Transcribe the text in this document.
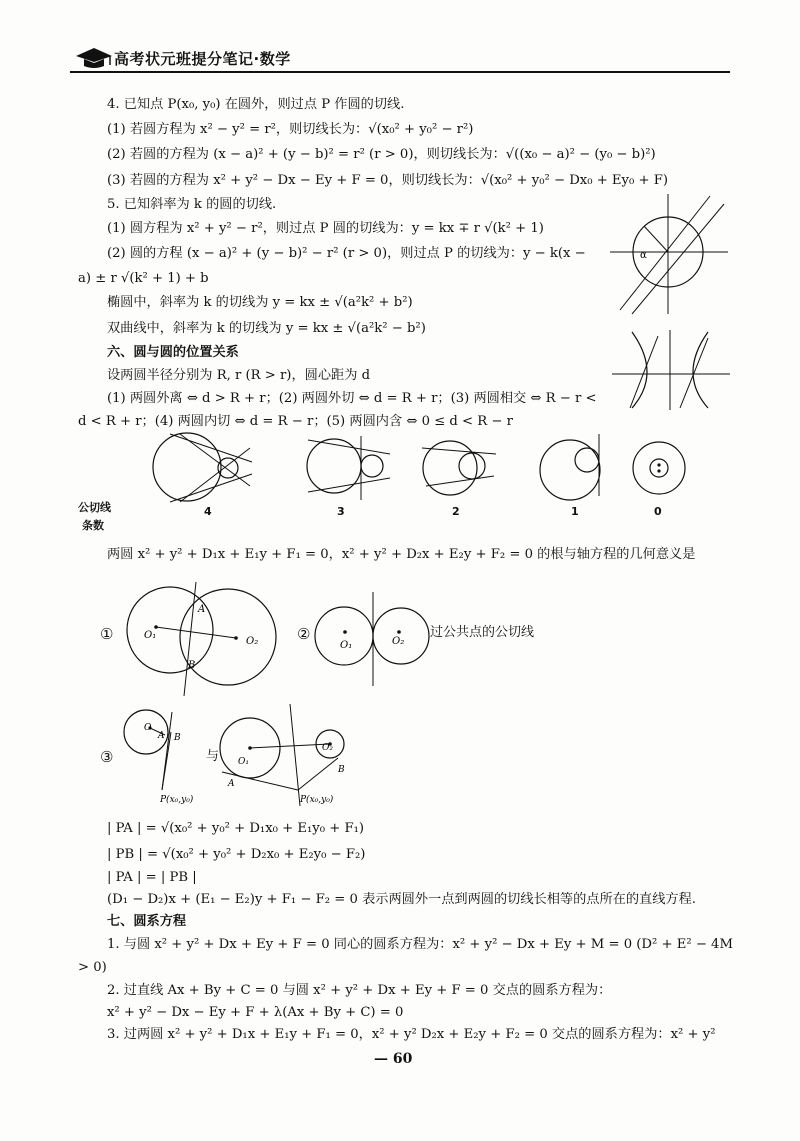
高考状元班提分笔记·数学
4. 已知点 P(x₀, y₀) 在圆外，则过点 P 作圆的切线.
(1) 若圆方程为 x² − y² = r²，则切线长为：√(x₀² + y₀² − r²)
(2) 若圆的方程为 (x − a)² + (y − b)² = r² (r > 0)，则切线长为：√((x₀ − a)² − (y₀ − b)²)
(3) 若圆的方程为 x² + y² − Dx − Ey + F = 0，则切线长为：√(x₀² + y₀² − Dx₀ + Ey₀ + F)
5. 已知斜率为 k 的圆的切线.
(1) 圆方程为 x² + y² − r²，则过点 P 圆的切线为：y = kx ∓ r √(k² + 1)
(2) 圆的方程 (x − a)² + (y − b)² − r² (r > 0)，则过点 P 的切线为：y − k(x −
a) ± r √(k² + 1) + b
椭圆中，斜率为 k 的切线为 y = kx ± √(a²k² + b²)
双曲线中，斜率为 k 的切线为 y = kx ± √(a²k² − b²)
六、圆与圆的位置关系
设两圆半径分别为 R, r (R > r)，圆心距为 d
(1) 两圆外离 ⇔ d > R + r；(2) 两圆外切 ⇔ d = R + r；(3) 两圆相交 ⇔ R − r <
d < R + r；(4) 两圆内切 ⇔ d = R − r；(5) 两圆内含 ⇔ 0 ≤ d < R − r
α
公切线
条数
4	3	2	1	0
两圆 x² + y² + D₁x + E₁y + F₁ = 0，x² + y² + D₂x + E₂y + F₂ = 0 的根与轴方程的几何意义是
①
A
B
O₁
O₂	②
O₁	O₂
过公共点的公切线
③
O
A B
P(x₀,y₀)
与 O₁
O₂
A
B
P(x₀,y₀)
| PA | = √(x₀² + y₀² + D₁x₀ + E₁y₀ + F₁)
| PB | = √(x₀² + y₀² + D₂x₀ + E₂y₀ − F₂)
| PA | = | PB |
(D₁ − D₂)x + (E₁ − E₂)y + F₁ − F₂ = 0 表示两圆外一点到两圆的切线长相等的点所在的直线方程.
七、圆系方程
1. 与圆 x² + y² + Dx + Ey + F = 0 同心的圆系方程为：x² + y² − Dx + Ey + M = 0 (D² + E² − 4M
> 0)
2. 过直线 Ax + By + C = 0 与圆 x² + y² + Dx + Ey + F = 0 交点的圆系方程为：
x² + y² − Dx − Ey + F + λ(Ax + By + C) = 0
3. 过两圆 x² + y² + D₁x + E₁y + F₁ = 0，x² + y² D₂x + E₂y + F₂ = 0 交点的圆系方程为：x² + y²
— 60
